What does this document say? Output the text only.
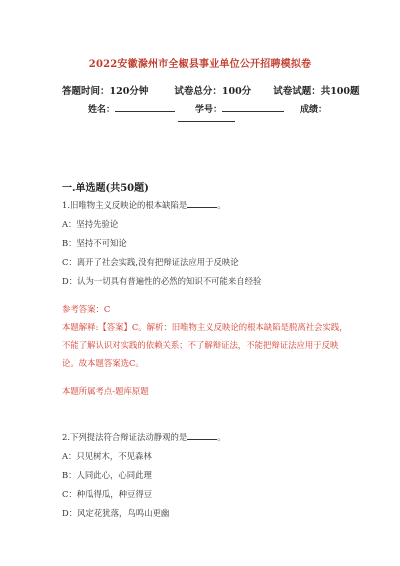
2022安徽滁州市全椒县事业单位公开招聘模拟卷
答题时间：120分钟	试卷总分：100分 试卷试题：共100题
姓名：	学号：	成绩：
一.单选题(共50题)
1.旧唯物主义反映论的根本缺陷是	。
A：坚持先验论
B：坚持不可知论
C：离开了社会实践,没有把辩证法应用于反映论
D：认为一切具有普遍性的必然的知识不可能来自经验
参考答案：C
本题解释:【答案】C。解析：旧唯物主义反映论的根本缺陷是脱离社会实践，
不能了解认识对实践的依赖关系；不了解辩证法，不能把辩证法应用于反映
论。故本题答案选C。
本题所属考点-题库原题
2.下列提法符合辩证法动静观的是	。
A：只见树木，不见森林
B：人同此心，心同此理
C：种瓜得瓜，种豆得豆
D：风定花犹落，鸟鸣山更幽
